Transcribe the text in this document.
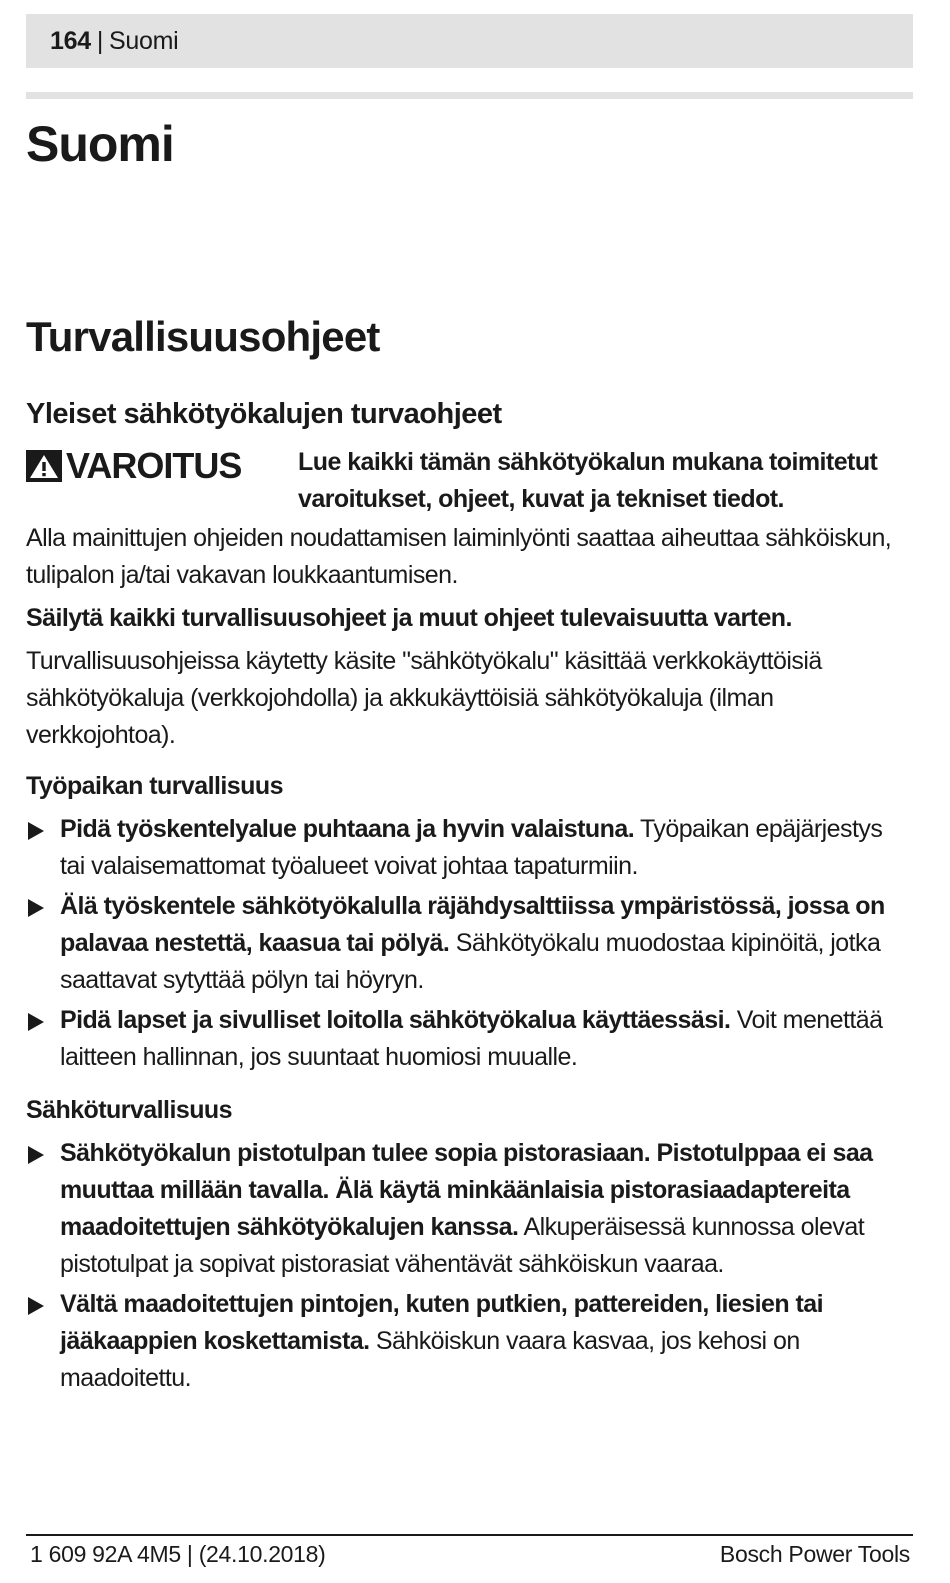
164 | Suomi
Suomi
Turvallisuusohjeet
Yleiset sähkötyökalujen turvaohjeet
VAROITUS Lue kaikki tämän sähkötyökalun mukana toimitetut varoitukset, ohjeet, kuvat ja tekniset tiedot.

Alla mainittujen ohjeiden noudattamisen laiminlyönti saattaa aiheuttaa sähköiskun, tulipalon ja/tai vakavan loukkaantumisen.

Säilytä kaikki turvallisuusohjeet ja muut ohjeet tulevaisuutta varten.

Turvallisuusohjeissa käytetty käsite "sähkötyökalu" käsittää verkkokäyttöisiä sähkötyökaluja (verkkojohdolla) ja akkukäyttöisiä sähkötyökaluja (ilman verkkojohtoa).

Työpaikan turvallisuus
Pidä työskentelyalue puhtaana ja hyvin valaistuna. Työpaikan epäjärjestys tai valaisemattomat työalueet voivat johtaa tapaturmiin.
Älä työskentele sähkötyökalulla räjähdysalttiissa ympäristössä, jossa on palavaa nestettä, kaasua tai pölyä. Sähkötyökalu muodostaa kipinöitä, jotka saattavat sytyttää pölyn tai höyryn.
Pidä lapset ja sivulliset loitolla sähkötyökalua käyttäessäsi. Voit menettää laitteen hallinnan, jos suuntaat huomiosi muualle.
Sähköturvallisuus
Sähkötyökalun pistotulpan tulee sopia pistorasiaan. Pistotulppaa ei saa muuttaa millään tavalla. Älä käytä minkäänlaisia pistorasiaadaptereita maadoitettujen sähkötyökalujen kanssa. Alkuperäisessä kunnossa olevat pistotulpat ja sopivat pistorasiat vähentävät sähköiskun vaaraa.
Vältä maadoitettujen pintojen, kuten putkien, pattereiden, liesien tai jääkaappien koskettamista. Sähköiskun vaara kasvaa, jos kehosi on maadoitettu.
1 609 92A 4M5 | (24.10.2018)	Bosch Power Tools
